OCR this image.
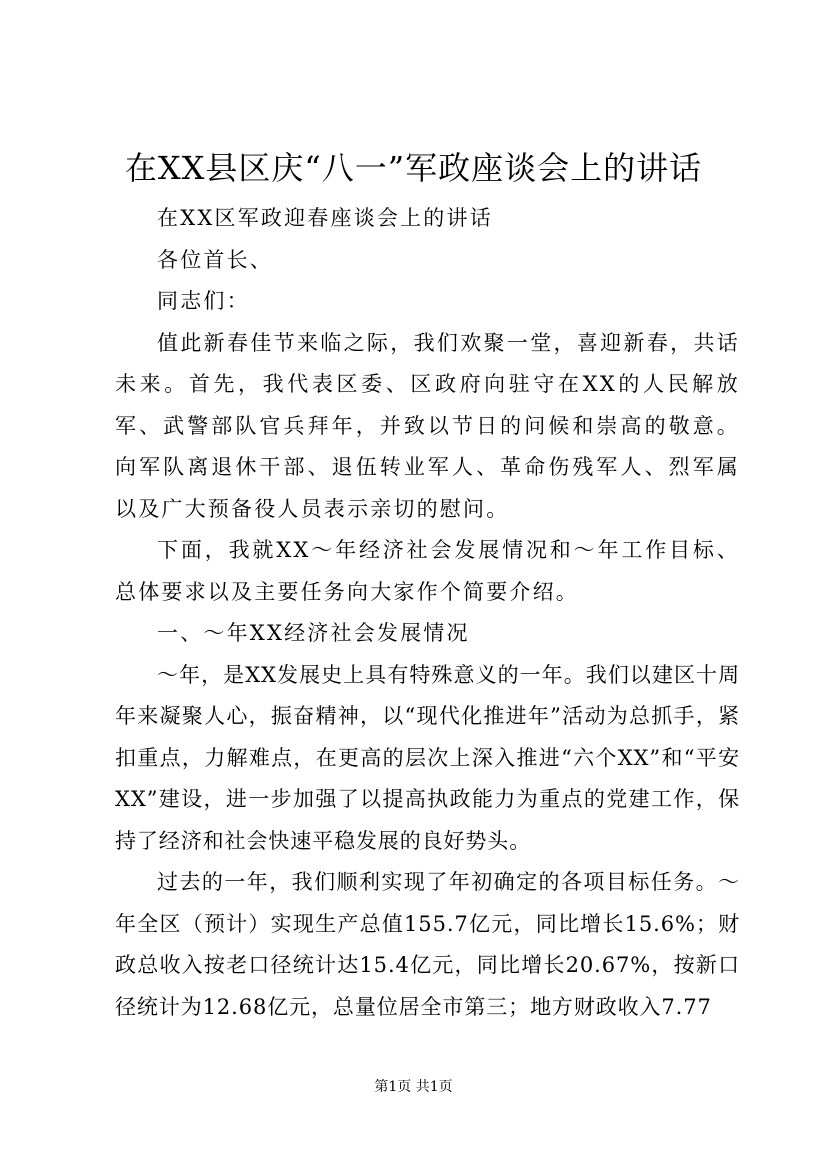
在XX县区庆“八一”军政座谈会上的讲话

在XX区军政迎春座谈会上的讲话

各位首长、

同志们：

值此新春佳节来临之际，我们欢聚一堂，喜迎新春，共话未来。首先，我代表区委、区政府向驻守在XX的人民解放军、武警部队官兵拜年，并致以节日的问候和崇高的敬意。向军队离退休干部、退伍转业军人、革命伤残军人、烈军属以及广大预备役人员表示亲切的慰问。

下面，我就XX～年经济社会发展情况和～年工作目标、总体要求以及主要任务向大家作个简要介绍。

一、～年XX经济社会发展情况

～年，是XX发展史上具有特殊意义的一年。我们以建区十周年来凝聚人心，振奋精神，以“现代化推进年”活动为总抓手，紧扣重点，力解难点，在更高的层次上深入推进“六个XX”和“平安XX”建设，进一步加强了以提高执政能力为重点的党建工作，保持了经济和社会快速平稳发展的良好势头。

过去的一年，我们顺利实现了年初确定的各项目标任务。～年全区（预计）实现生产总值155.7亿元，同比增长15.6%；财政总收入按老口径统计达15.4亿元，同比增长20.67%，按新口径统计为12.68亿元，总量位居全市第三；地方财政收入7.77

第1页 共1页
